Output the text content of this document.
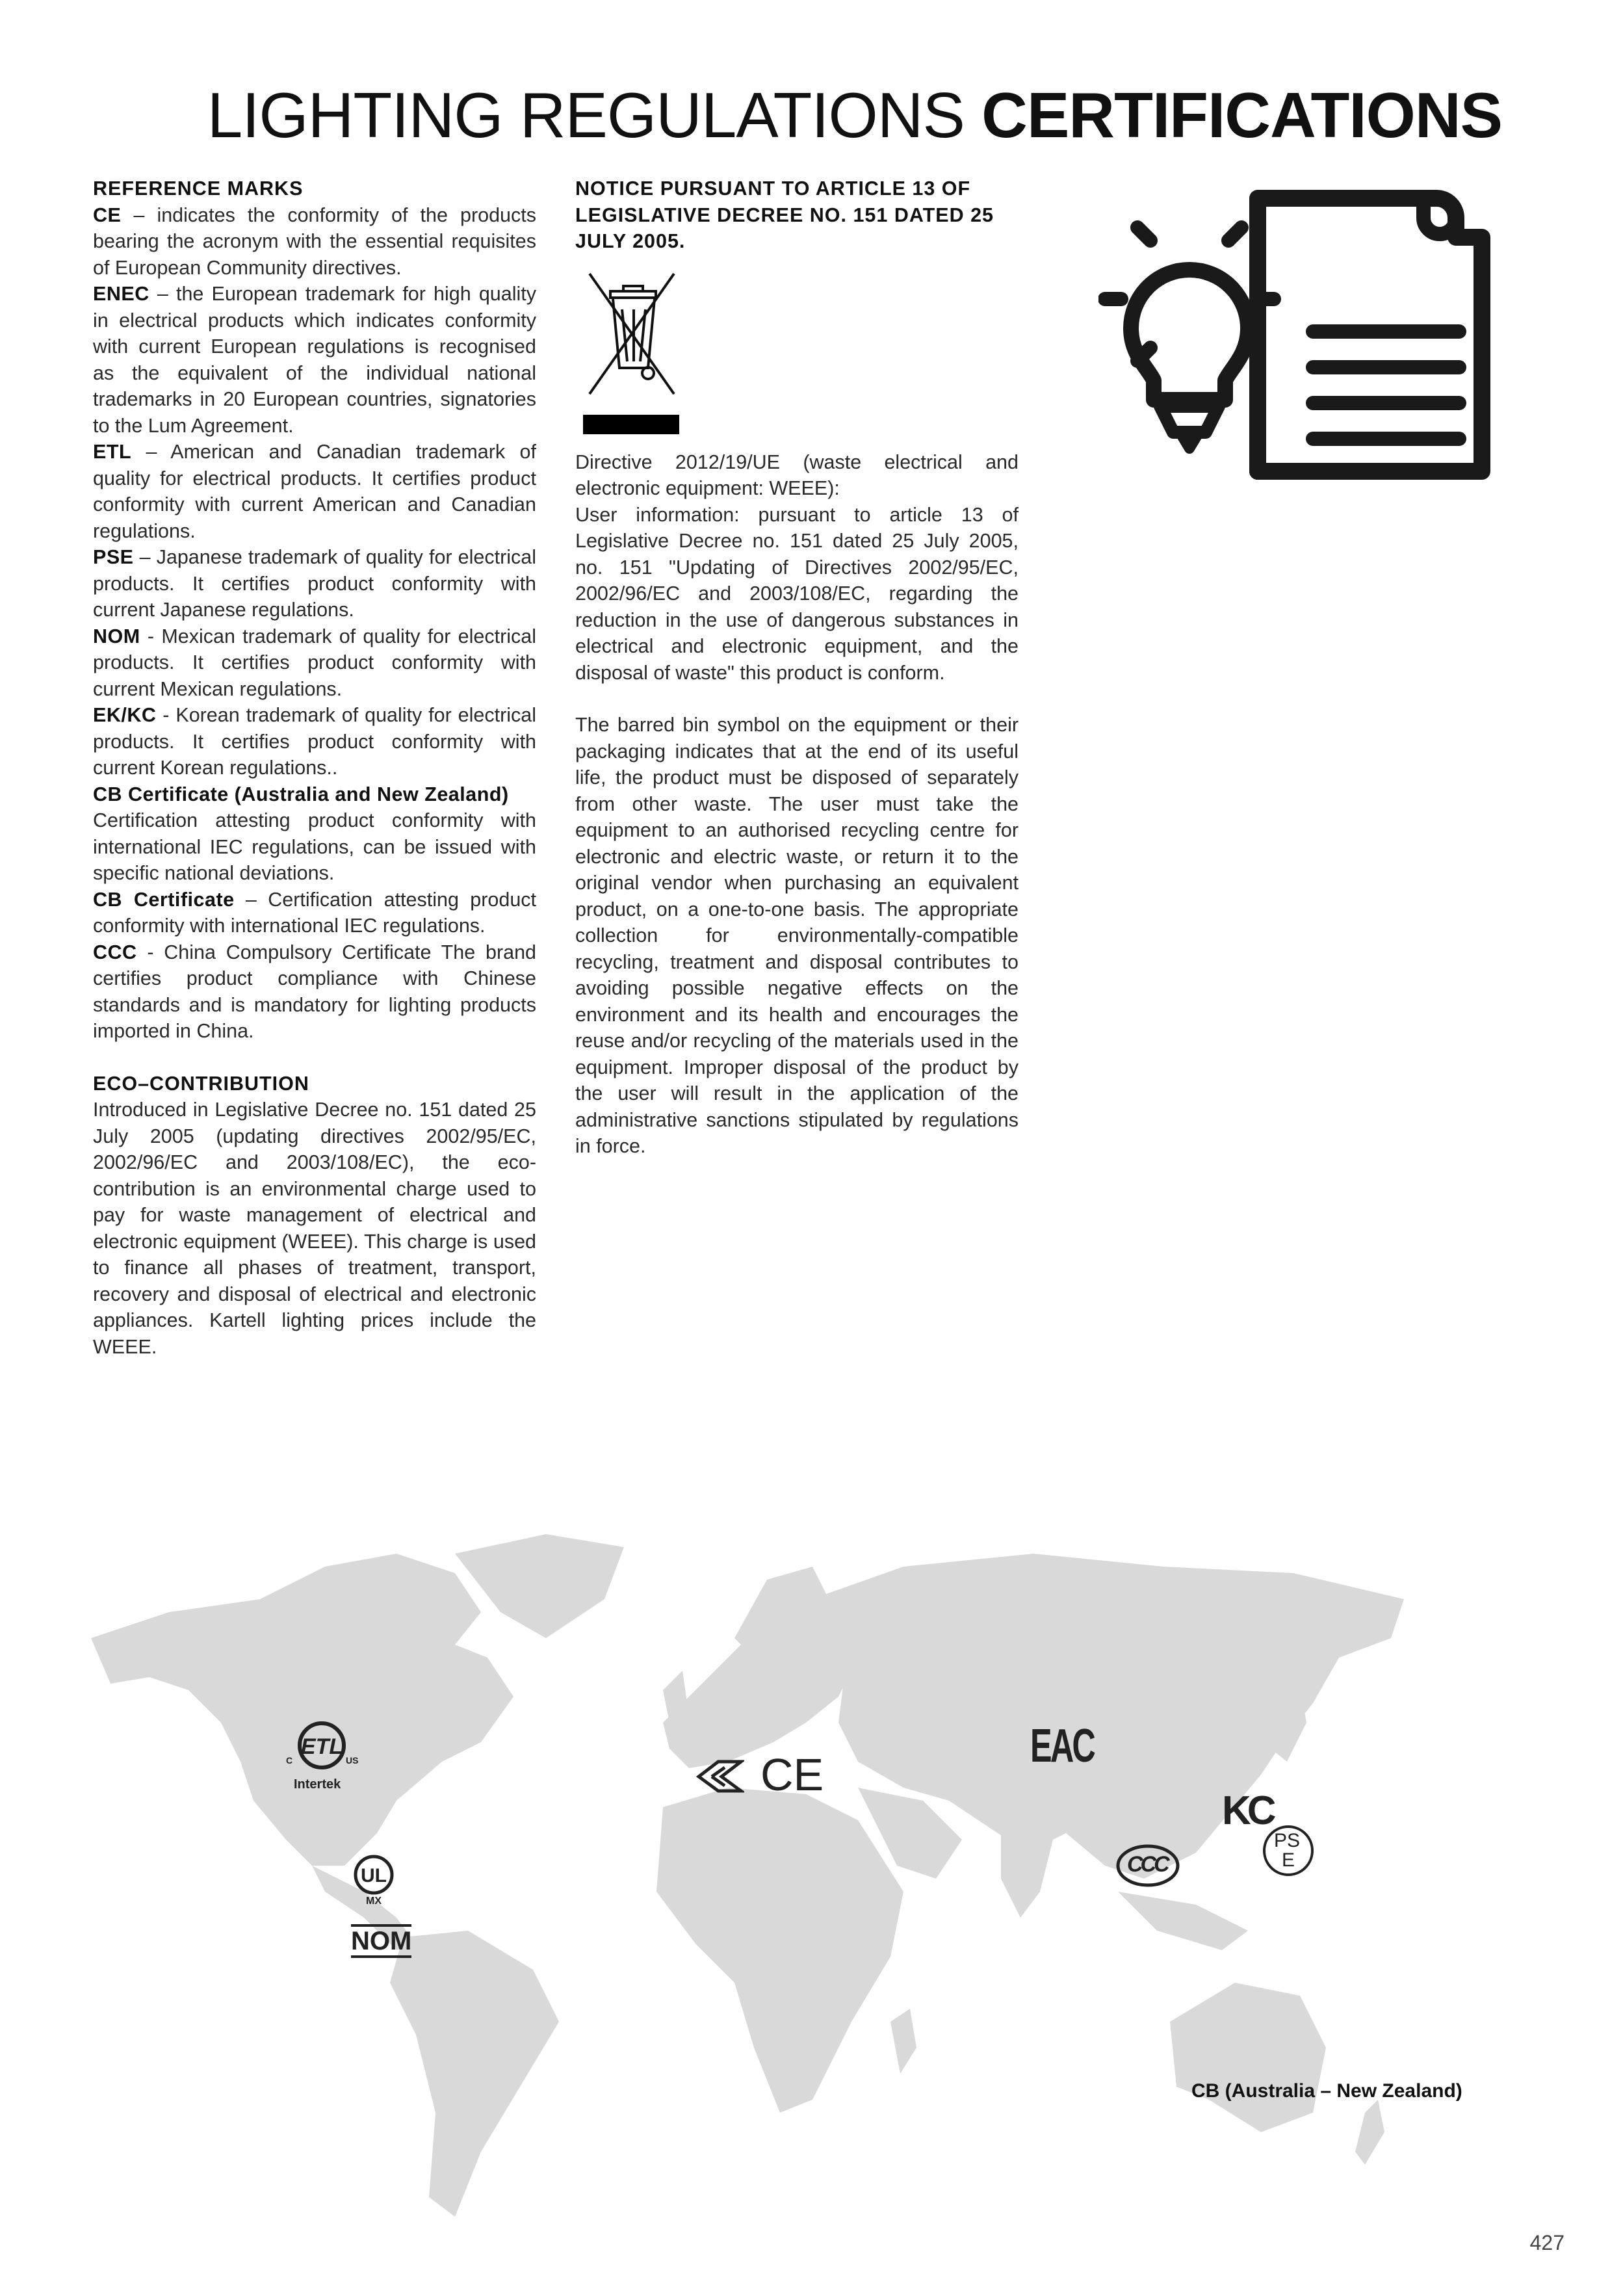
LIGHTING REGULATIONS CERTIFICATIONS

REFERENCE MARKS

CE – indicates the conformity of the products bearing the acronym with the essential requisites of European Community directives.

ENEC – the European trademark for high quality in electrical products which indicates conformity with current European regulations is recognised as the equivalent of the individual national trademarks in 20 European countries, signatories to the Lum Agreement.

ETL – American and Canadian trademark of quality for electrical products. It certifies product conformity with current American and Canadian regulations.

PSE – Japanese trademark of quality for electrical products. It certifies product conformity with current Japanese regulations.

NOM - Mexican trademark of quality for electrical products. It certifies product conformity with current Mexican regulations.

EK/KC - Korean trademark of quality for electrical products. It certifies product conformity with current Korean regulations..

CB Certificate (Australia and New Zealand)
Certification attesting product conformity with international IEC regulations, can be issued with specific national deviations.

CB Certificate – Certification attesting product conformity with international IEC regulations.

CCC - China Compulsory Certificate The brand certifies product compliance with Chinese standards and is mandatory for lighting products imported in China.

ECO–CONTRIBUTION

Introduced in Legislative Decree no. 151 dated 25 July 2005 (updating directives 2002/95/EC, 2002/96/EC and 2003/108/EC), the eco-contribution is an environmental charge used to pay for waste management of electrical and electronic equipment (WEEE). This charge is used to finance all phases of treatment, transport, recovery and disposal of electrical and electronic appliances. Kartell lighting prices include the WEEE.

NOTICE PURSUANT TO ARTICLE 13 OF LEGISLATIVE DECREE NO. 151 DATED 25 JULY 2005.

Directive 2012/19/UE (waste electrical and electronic equipment: WEEE):

User information: pursuant to article 13 of Legislative Decree no. 151 dated 25 July 2005, no. 151 "Updating of Directives 2002/95/EC, 2002/96/EC and 2003/108/EC, regarding the reduction in the use of dangerous substances in electrical and electronic equipment, and the disposal of waste" this product is conform.

The barred bin symbol on the equipment or their packaging indicates that at the end of its useful life, the product must be disposed of separately from other waste. The user must take the equipment to an authorised recycling centre for electronic and electric waste, or return it to the original vendor when purchasing an equivalent product, on a one-to-one basis. The appropriate collection for environmentally-compatible recycling, treatment and disposal contributes to avoiding possible negative effects on the environment and its health and encourages the reuse and/or recycling of the materials used in the equipment. Improper disposal of the product by the user will result in the application of the administrative sanctions stipulated by regulations in force.

ETL
C	US
Intertek
UL
MX
NOM
CE
EAC
KC
CCC
PS
E
CB (Australia – New Zealand)
427
